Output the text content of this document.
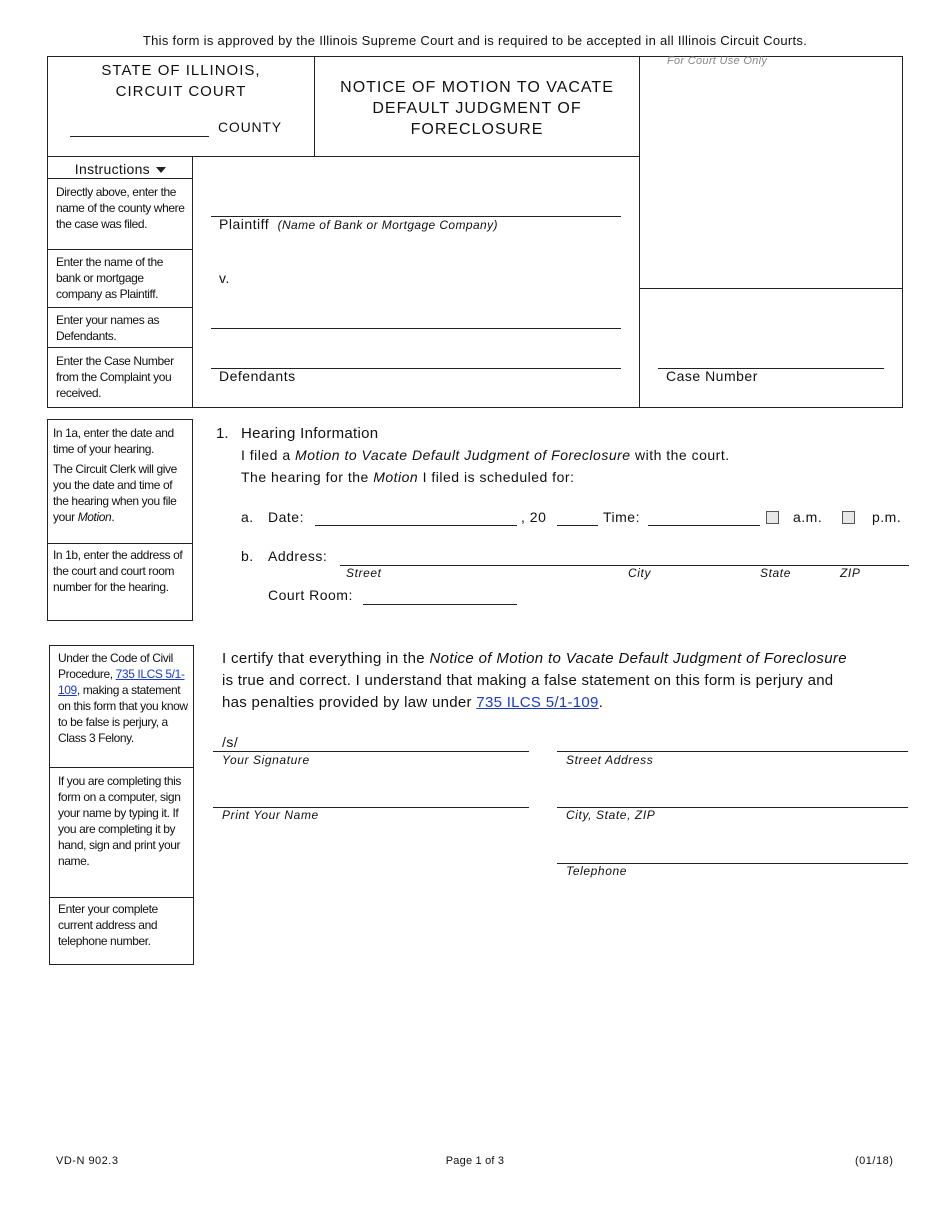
This form is approved by the Illinois Supreme Court and is required to be accepted in all Illinois Circuit Courts.
STATE OF ILLINOIS,
CIRCUIT COURT
COUNTY
NOTICE OF MOTION TO VACATE
DEFAULT JUDGMENT OF
FORECLOSURE
For Court Use Only
Instructions
Directly above, enter the name of the county where the case was filed.
Enter the name of the bank or mortgage company as Plaintiff.
Enter your names as Defendants.
Enter the Case Number from the Complaint you received.
Plaintiff (Name of Bank or Mortgage Company)
v.
Defendants	Case Number
In 1a, enter the date and time of your hearing.
The Circuit Clerk will give you the date and time of the hearing when you file your Motion.
In 1b, enter the address of the court and court room number for the hearing.
1. Hearing Information
I filed a Motion to Vacate Default Judgment of Foreclosure with the court.
The hearing for the Motion I filed is scheduled for:
a. Date:	, 20	Time:	a.m.	p.m.
b. Address:
Street	City	State	ZIP
Court Room:
Under the Code of Civil Procedure, 735 ILCS 5/1-109, making a statement on this form that you know to be false is perjury, a Class 3 Felony.
If you are completing this form on a computer, sign your name by typing it. If you are completing it by hand, sign and print your name.
Enter your complete current address and telephone number.
I certify that everything in the Notice of Motion to Vacate Default Judgment of Foreclosure
is true and correct. I understand that making a false statement on this form is perjury and
has penalties provided by law under 735 ILCS 5/1-109.
/s/
Your Signature
Print Your Name
Street Address
City, State, ZIP
Telephone
VD-N 902.3	Page 1 of 3	(01/18)
